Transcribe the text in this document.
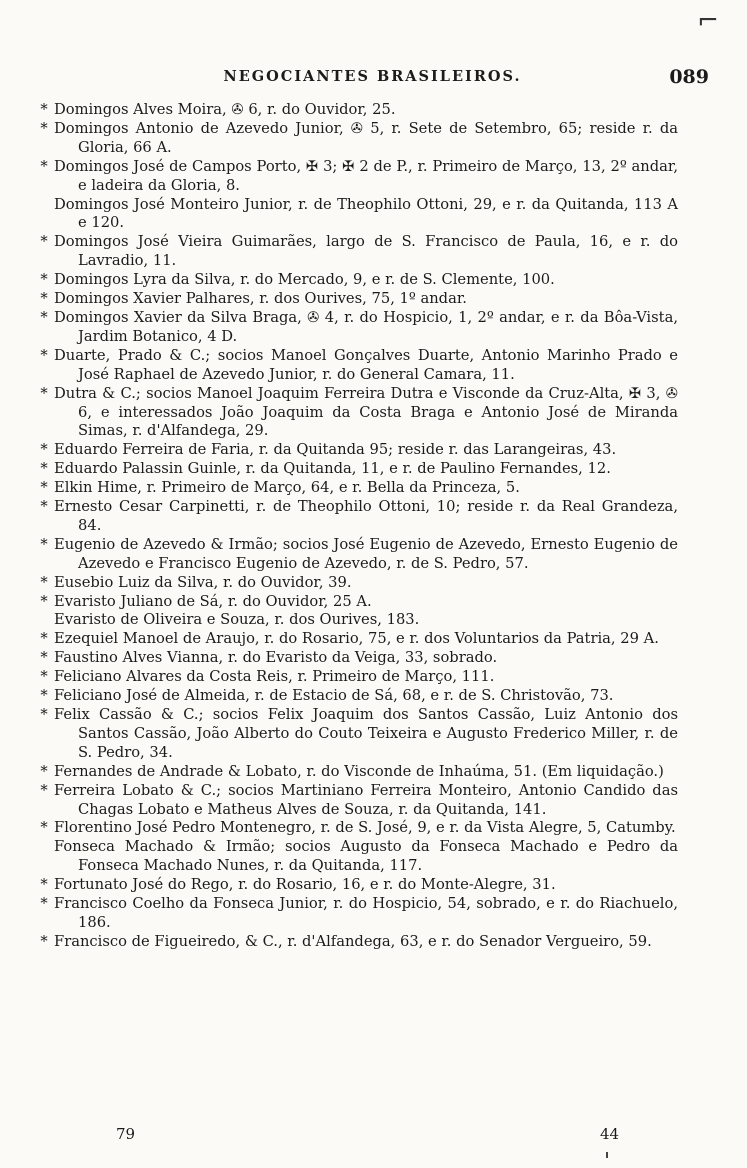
⌐
NEGOCIANTES BRASILEIROS.	089
* Domingos Alves Moira, ✇ 6, r. do Ouvidor, 25.
* Domingos Antonio de Azevedo Junior, ✇ 5, r. Sete de Setembro, 65; reside r. da Gloria, 66 A.
* Domingos José de Campos Porto, ✠ 3; ✠ 2 de P., r. Primeiro de Março, 13, 2º andar, e ladeira da Gloria, 8.
Domingos José Monteiro Junior, r. de Theophilo Ottoni, 29, e r. da Quitanda, 113 A e 120.
* Domingos José Vieira Guimarães, largo de S. Francisco de Paula, 16, e r. do Lavradio, 11.
* Domingos Lyra da Silva, r. do Mercado, 9, e r. de S. Clemente, 100.
* Domingos Xavier Palhares, r. dos Ourives, 75, 1º andar.
* Domingos Xavier da Silva Braga, ✇ 4, r. do Hospicio, 1, 2º andar, e r. da Bôa-Vista, Jardim Botanico, 4 D.
* Duarte, Prado & C.; socios Manoel Gonçalves Duarte, Antonio Marinho Prado e José Raphael de Azevedo Junior, r. do General Camara, 11.
* Dutra & C.; socios Manoel Joaquim Ferreira Dutra e Visconde da Cruz-Alta, ✠ 3, ✇ 6, e interessados João Joaquim da Costa Braga e Antonio José de Miranda Simas, r. d'Alfandega, 29.
* Eduardo Ferreira de Faria, r. da Quitanda 95; reside r. das Larangeiras, 43.
* Eduardo Palassin Guinle, r. da Quitanda, 11, e r. de Paulino Fernandes, 12.
* Elkin Hime, r. Primeiro de Março, 64, e r. Bella da Princeza, 5.
* Ernesto Cesar Carpinetti, r. de Theophilo Ottoni, 10; reside r. da Real Grandeza, 84.
* Eugenio de Azevedo & Irmão; socios José Eugenio de Azevedo, Ernesto Eugenio de Azevedo e Francisco Eugenio de Azevedo, r. de S. Pedro, 57.
* Eusebio Luiz da Silva, r. do Ouvidor, 39.
* Evaristo Juliano de Sá, r. do Ouvidor, 25 A.
Evaristo de Oliveira e Souza, r. dos Ourives, 183.
* Ezequiel Manoel de Araujo, r. do Rosario, 75, e r. dos Voluntarios da Patria, 29 A.
* Faustino Alves Vianna, r. do Evaristo da Veiga, 33, sobrado.
* Feliciano Alvares da Costa Reis, r. Primeiro de Março, 111.
* Feliciano José de Almeida, r. de Estacio de Sá, 68, e r. de S. Christovão, 73.
* Felix Cassão & C.; socios Felix Joaquim dos Santos Cassão, Luiz Antonio dos Santos Cassão, João Alberto do Couto Teixeira e Augusto Frederico Miller, r. de S. Pedro, 34.
* Fernandes de Andrade & Lobato, r. do Visconde de Inhaúma, 51. (Em liquidação.)
* Ferreira Lobato & C.; socios Martiniano Ferreira Monteiro, Antonio Candido das Chagas Lobato e Matheus Alves de Souza, r. da Quitanda, 141.
* Florentino José Pedro Montenegro, r. de S. José, 9, e r. da Vista Alegre, 5, Catumby.
Fonseca Machado & Irmão; socios Augusto da Fonseca Machado e Pedro da Fonseca Machado Nunes, r. da Quitanda, 117.
* Fortunato José do Rego, r. do Rosario, 16, e r. do Monte-Alegre, 31.
* Francisco Coelho da Fonseca Junior, r. do Hospicio, 54, sobrado, e r. do Riachuelo, 186.
* Francisco de Figueiredo, & C., r. d'Alfandega, 63, e r. do Senador Vergueiro, 59.
79	44
